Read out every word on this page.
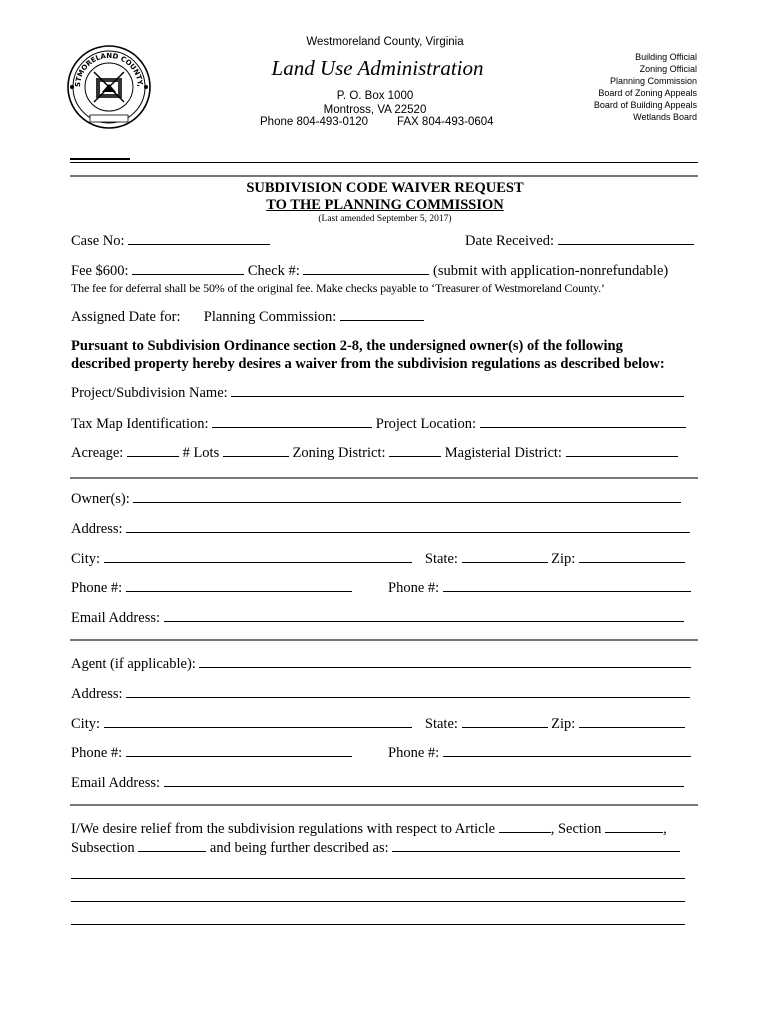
Westmoreland County, Virginia
STMORELAND COUNTY,
Land Use Administration
P. O. Box 1000
Montross, VA 22520
Phone 804-493-0120	FAX 804-493-0604
Building Official
Zoning Official
Planning Commission
Board of Zoning Appeals
Board of Building Appeals
Wetlands Board
SUBDIVISION CODE WAIVER REQUEST
TO THE PLANNING COMMISSION
(Last amended September 5, 2017)
Case No:	Date Received:
Fee $600:	Check #:	(submit with application-nonrefundable)
The fee for deferral shall be 50% of the original fee. Make checks payable to ‘Treasurer of Westmoreland County.’
Assigned Date for: Planning Commission:
Pursuant to Subdivision Ordinance section 2-8, the undersigned owner(s) of the following
described property hereby desires a waiver from the subdivision regulations as described below:
Project/Subdivision Name:
Tax Map Identification:	Project Location:
Acreage:	# Lots	Zoning District:	Magisterial District:
Owner(s):
Address:
City:	State:	Zip:
Phone #:	Phone #:
Email Address:
Agent (if applicable):
Address:
City:	State:	Zip:
Phone #:	Phone #:
Email Address:
I/We desire relief from the subdivision regulations with respect to Article	, Section	,
Subsection	and being further described as:
